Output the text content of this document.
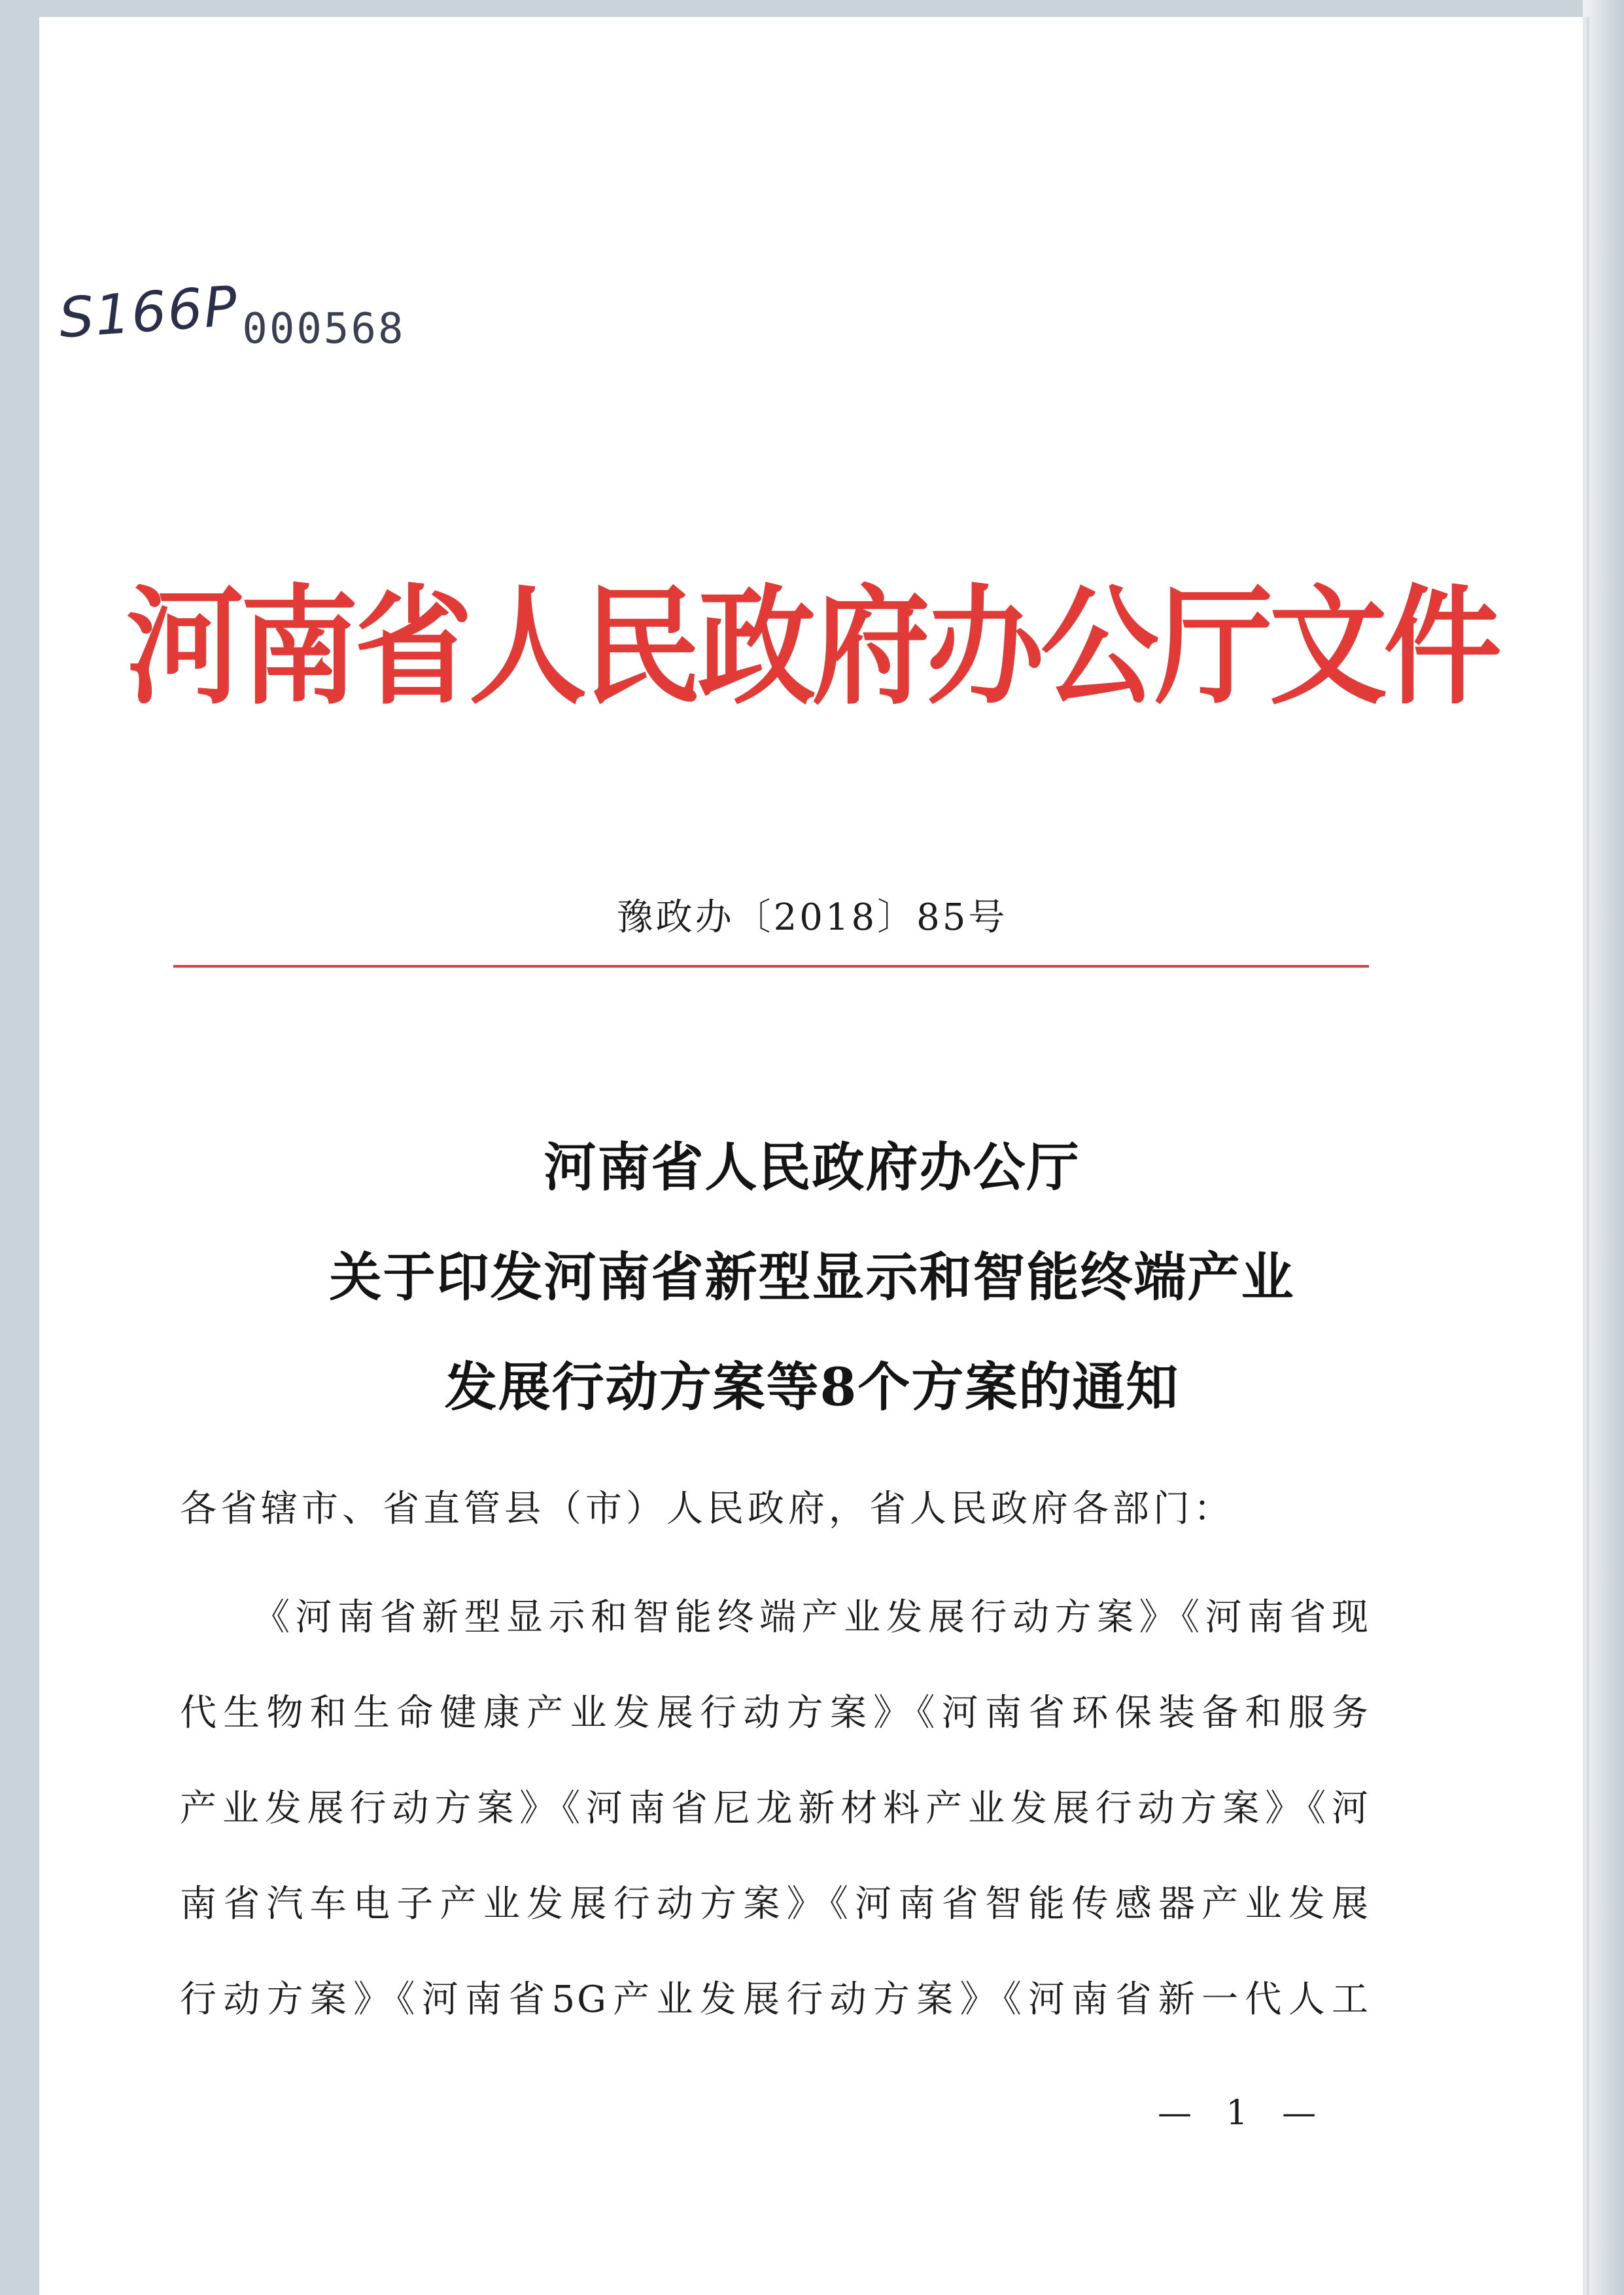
S166P000568
河南省人民政府办公厅文件
豫政办〔2018〕85号
河南省人民政府办公厅
关于印发河南省新型显示和智能终端产业
发展行动方案等8个方案的通知
各省辖市、省直管县（市）人民政府，省人民政府各部门：
《河南省新型显示和智能终端产业发展行动方案》《河南省现
代生物和生命健康产业发展行动方案》《河南省环保装备和服务
产业发展行动方案》《河南省尼龙新材料产业发展行动方案》《河
南省汽车电子产业发展行动方案》《河南省智能传感器产业发展
行动方案》《河南省5G产业发展行动方案》《河南省新一代人工
— 1 —
